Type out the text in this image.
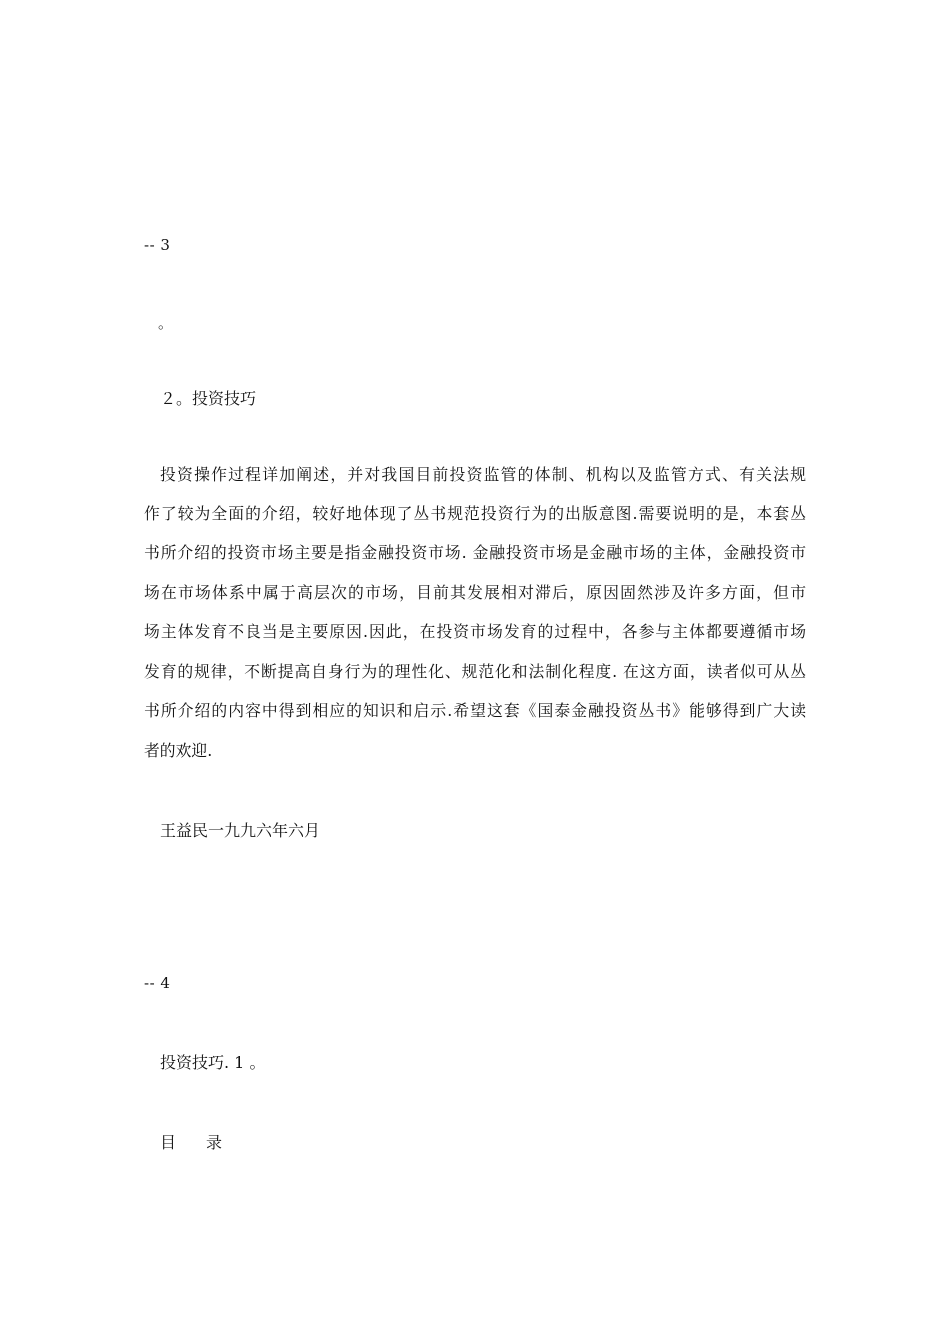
-- 3

。

２。投资技巧

投资操作过程详加阐述，并对我国目前投资监管的体制、机构以及监管方式、有关法规
作了较为全面的介绍，较好地体现了丛书规范投资行为的出版意图.需要说明的是，本套丛
书所介绍的投资市场主要是指金融投资市场. 金融投资市场是金融市场的主体，金融投资市
场在市场体系中属于高层次的市场，目前其发展相对滞后，原因固然涉及许多方面，但市
场主体发育不良当是主要原因.因此，在投资市场发育的过程中，各参与主体都要遵循市场
发育的规律，不断提高自身行为的理性化、规范化和法制化程度. 在这方面，读者似可从丛
书所介绍的内容中得到相应的知识和启示.希望这套《国泰金融投资丛书》能够得到广大读
者的欢迎.

王益民一九九六年六月

-- 4

投资技巧. 1 。

目录
